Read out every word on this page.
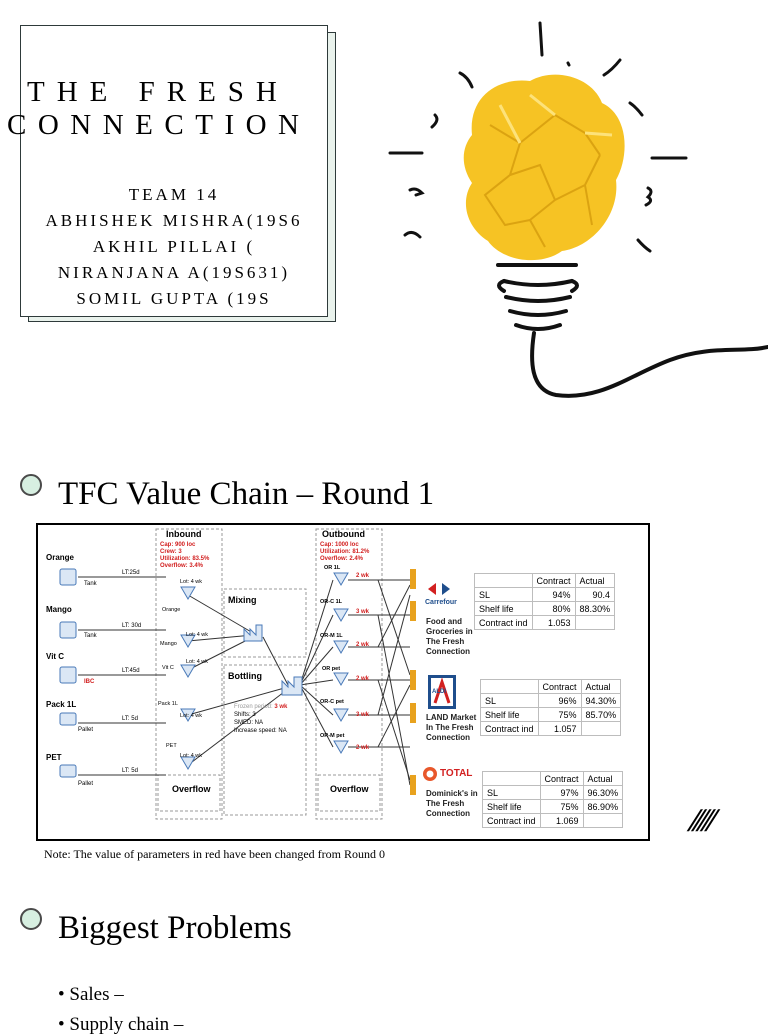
THE FRESH
CONNECTION
TEAM 14
ABHISHEK MISHRA(19S6
AKHIL PILLAI (
NIRANJANA A(19S631)
SOMIL GUPTA (19S
TFC Value Chain – Round 1
Inbound
Cap: 900 loc
Crew: 3
Utilization: 83.5%
Overflow: 3.4%
Outbound
Cap: 1000 loc
Utilization: 81.2%
Overflow: 2.4%
Mixing
Bottling
Frozen period: 3 wk
Shifts: 3
SMED: NA
Increase speed: NA
Overflow	Overflow
Orange
Tank
LT:25d
Mango
Tank
LT: 30d
Vit C
IBC
LT:45d
Pack 1L
Pallet
LT: 5d
PET
Pallet
LT: 5d
Orange
Lot: 4 wk
Mango
Lot: 4 wk
Vit C
Lot: 4 wk
Pack 1L
Lot: 4 wk
PET
Lot: 4 wk
OR 1L
2 wk
OR-C 1L
3 wk
OR-M 1L
2 wk
OR pet
2 wk
OR-C pet
3 wk
OR-M pet
2 wk
Carrefour
Food and
Groceries in
The Fresh
Connection
	Contract	Actual
SL	94%	90.4
Shelf life	80%	88.30%
Contract ind	1.053	
ALDI
LAND Market
In The Fresh
Connection
	Contract	Actual
SL	96%	94.30%
Shelf life	75%	85.70%
Contract ind	1.057	
TOTAL
Dominick's in
The Fresh
Connection
	Contract	Actual
SL	97%	96.30%
Shelf life	75%	86.90%
Contract ind	1.069	
Note: The value of parameters in red have been changed from Round 0
/////
Biggest Problems
• Sales –
• Supply chain –
